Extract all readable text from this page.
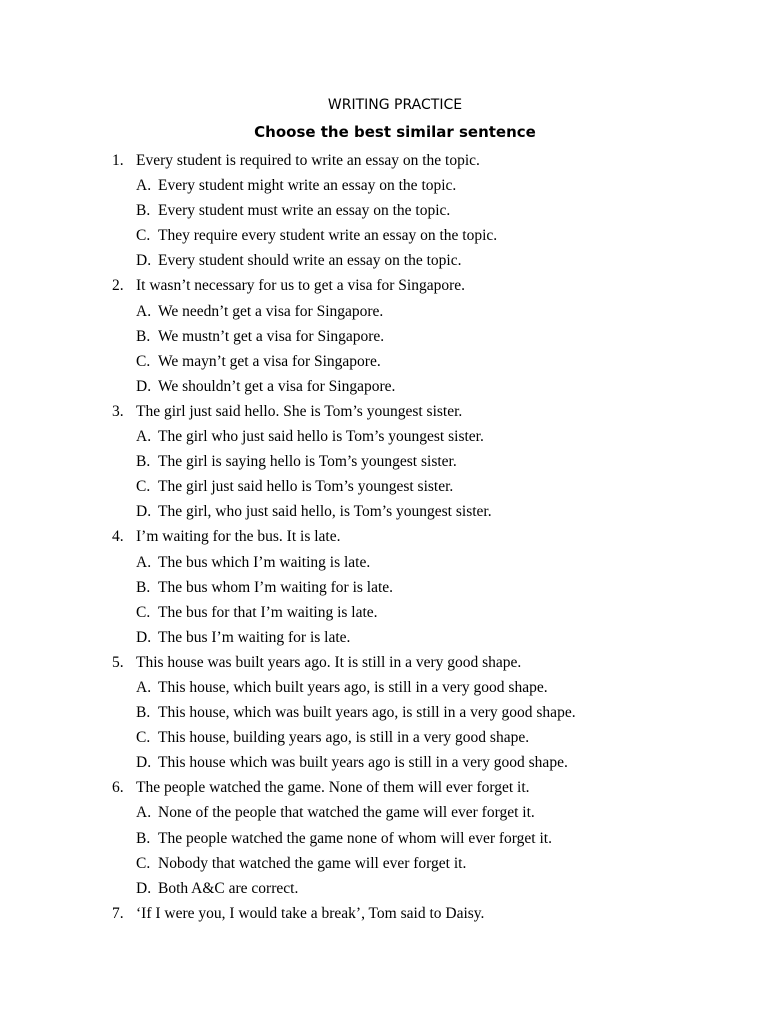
WRITING PRACTICE
Choose the best similar sentence
1. Every student is required to write an essay on the topic.
A. Every student might write an essay on the topic.
B. Every student must write an essay on the topic.
C. They require every student write an essay on the topic.
D. Every student should write an essay on the topic.
2. It wasn’t necessary for us to get a visa for Singapore.
A. We needn’t get a visa for Singapore.
B. We mustn’t get a visa for Singapore.
C. We mayn’t get a visa for Singapore.
D. We shouldn’t get a visa for Singapore.
3. The girl just said hello. She is Tom’s youngest sister.
A. The girl who just said hello is Tom’s youngest sister.
B. The girl is saying hello is Tom’s youngest sister.
C. The girl just said hello is Tom’s youngest sister.
D. The girl, who just said hello, is Tom’s youngest sister.
4. I’m waiting for the bus. It is late.
A. The bus which I’m waiting is late.
B. The bus whom I’m waiting for is late.
C. The bus for that I’m waiting is late.
D. The bus I’m waiting for is late.
5. This house was built years ago. It is still in a very good shape.
A. This house, which built years ago, is still in a very good shape.
B. This house, which was built years ago, is still in a very good shape.
C. This house, building years ago, is still in a very good shape.
D. This house which was built years ago is still in a very good shape.
6. The people watched the game. None of them will ever forget it.
A. None of the people that watched the game will ever forget it.
B. The people watched the game none of whom will ever forget it.
C. Nobody that watched the game will ever forget it.
D. Both A&C are correct.
7. ‘If I were you, I would take a break’, Tom said to Daisy.
